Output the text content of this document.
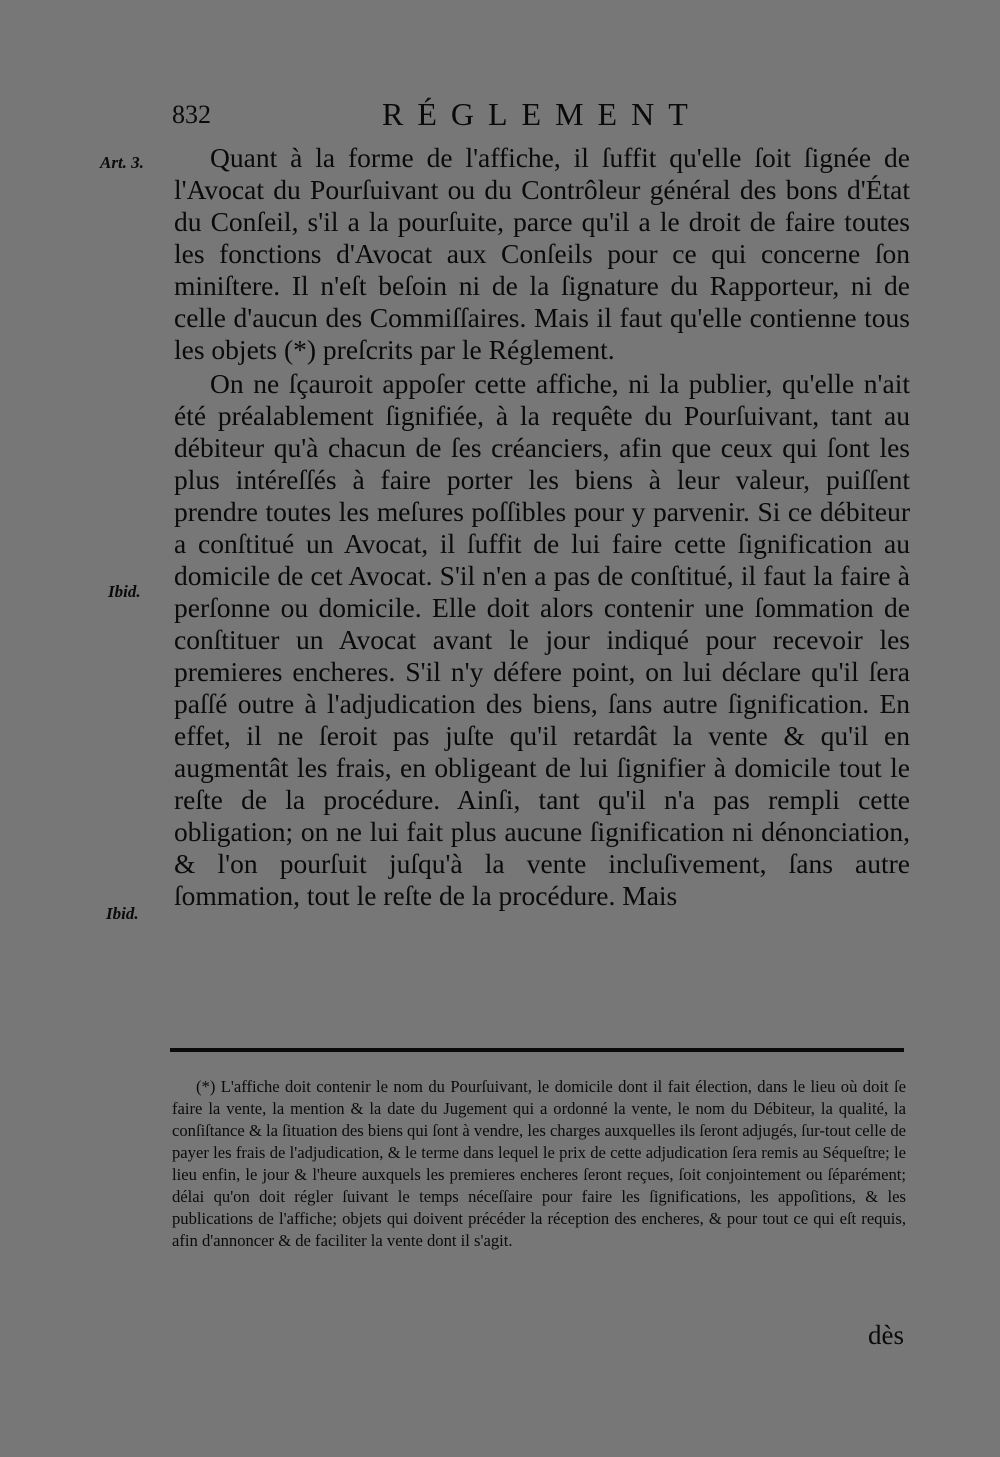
832	RÉGLEMENT
Art. 3.
Ibid.
Ibid.

Quant à la forme de l'affiche, il ſuffit qu'elle ſoit ſignée de l'Avocat du Pourſuivant ou du Contrôleur général des bons d'État du Conſeil, s'il a la pourſuite, parce qu'il a le droit de faire toutes les fonctions d'Avocat aux Conſeils pour ce qui concerne ſon miniſtere. Il n'eſt beſoin ni de la ſignature du Rapporteur, ni de celle d'aucun des Commiſſaires. Mais il faut qu'elle contienne tous les objets (*) preſcrits par le Réglement.

On ne ſçauroit appoſer cette affiche, ni la publier, qu'elle n'ait été préalablement ſignifiée, à la requête du Pourſuivant, tant au débiteur qu'à chacun de ſes créanciers, afin que ceux qui ſont les plus intéreſſés à faire porter les biens à leur valeur, puiſſent prendre toutes les meſures poſſibles pour y parvenir. Si ce débiteur a conſtitué un Avocat, il ſuffit de lui faire cette ſignification au domicile de cet Avocat. S'il n'en a pas de conſtitué, il faut la faire à perſonne ou domicile. Elle doit alors contenir une ſommation de conſtituer un Avocat avant le jour indiqué pour recevoir les premieres encheres. S'il n'y défere point, on lui déclare qu'il ſera paſſé outre à l'adjudication des biens, ſans autre ſignification. En effet, il ne ſeroit pas juſte qu'il retardât la vente & qu'il en augmentât les frais, en obligeant de lui ſignifier à domicile tout le reſte de la procédure. Ainſi, tant qu'il n'a pas rempli cette obligation; on ne lui fait plus aucune ſignification ni dénonciation, & l'on pourſuit juſqu'à la vente incluſivement, ſans autre ſommation, tout le reſte de la procédure. Mais

(*) L'affiche doit contenir le nom du Pourſuivant, le domicile dont il fait élection, dans le lieu où doit ſe faire la vente, la mention & la date du Jugement qui a ordonné la vente, le nom du Débiteur, la qualité, la conſiſtance & la ſituation des biens qui ſont à vendre, les charges auxquelles ils ſeront adjugés, ſur-tout celle de payer les frais de l'adjudication, & le terme dans lequel le prix de cette adjudication ſera remis au Séqueſtre; le lieu enfin, le jour & l'heure auxquels les premieres encheres ſeront reçues, ſoit conjointement ou ſéparément; délai qu'on doit régler ſuivant le temps néceſſaire pour faire les ſignifications, les appoſitions, & les publications de l'affiche; objets qui doivent précéder la réception des encheres, & pour tout ce qui eſt requis, afin d'annoncer & de faciliter la vente dont il s'agit.
dès
